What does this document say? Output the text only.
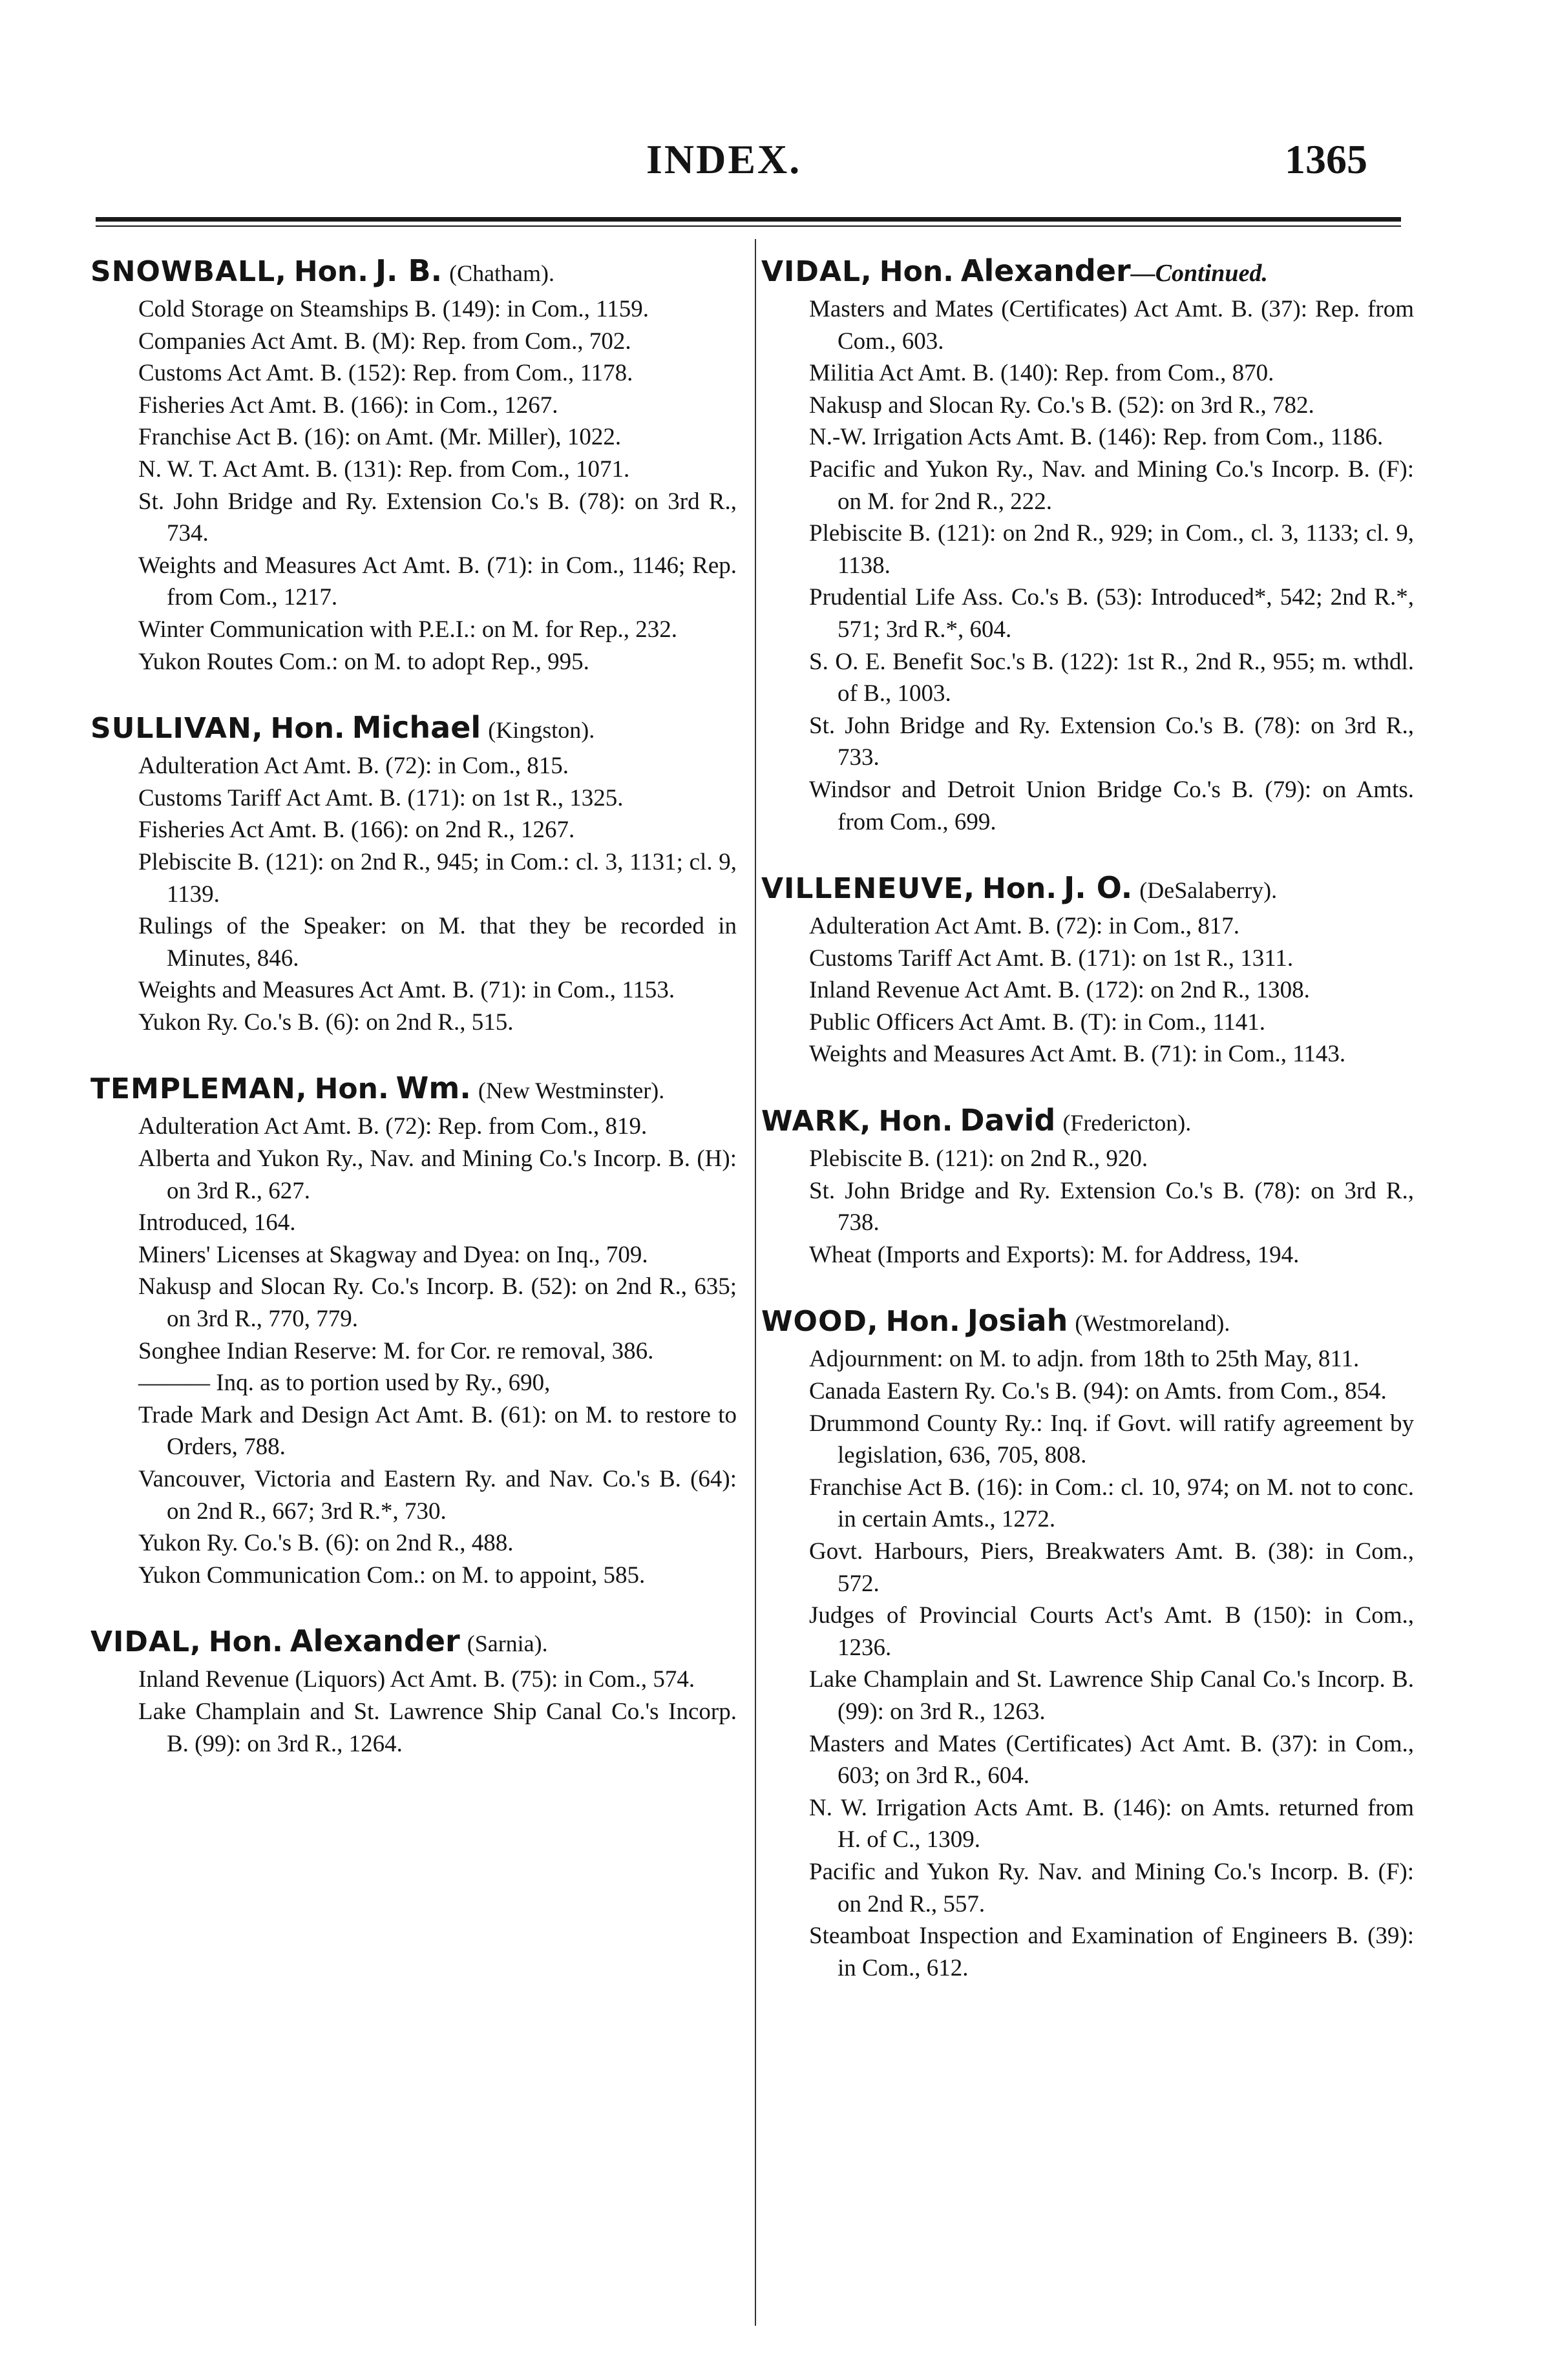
INDEX.	1365
SNOWBALL, Hon. J. B. (Chatham).
Cold Storage on Steamships B. (149): in Com., 1159.
Companies Act Amt. B. (M): Rep. from Com., 702.
Customs Act Amt. B. (152): Rep. from Com., 1178.
Fisheries Act Amt. B. (166): in Com., 1267.
Franchise Act B. (16): on Amt. (Mr. Miller), 1022.
N. W. T. Act Amt. B. (131): Rep. from Com., 1071.
St. John Bridge and Ry. Extension Co.'s B. (78): on 3rd R., 734.
Weights and Measures Act Amt. B. (71): in Com., 1146; Rep. from Com., 1217.
Winter Communication with P.E.I.: on M. for Rep., 232.
Yukon Routes Com.: on M. to adopt Rep., 995.
SULLIVAN, Hon. Michael (Kingston).
Adulteration Act Amt. B. (72): in Com., 815.
Customs Tariff Act Amt. B. (171): on 1st R., 1325.
Fisheries Act Amt. B. (166): on 2nd R., 1267.
Plebiscite B. (121): on 2nd R., 945; in Com.: cl. 3, 1131; cl. 9, 1139.
Rulings of the Speaker: on M. that they be recorded in Minutes, 846.
Weights and Measures Act Amt. B. (71): in Com., 1153.
Yukon Ry. Co.'s B. (6): on 2nd R., 515.
TEMPLEMAN, Hon. Wm. (New Westminster).
Adulteration Act Amt. B. (72): Rep. from Com., 819.
Alberta and Yukon Ry., Nav. and Mining Co.'s Incorp. B. (H): on 3rd R., 627.
Introduced, 164.
Miners' Licenses at Skagway and Dyea: on Inq., 709.
Nakusp and Slocan Ry. Co.'s Incorp. B. (52): on 2nd R., 635; on 3rd R., 770, 779.
Songhee Indian Reserve: M. for Cor. re removal, 386.
——— Inq. as to portion used by Ry., 690,
Trade Mark and Design Act Amt. B. (61): on M. to restore to Orders, 788.
Vancouver, Victoria and Eastern Ry. and Nav. Co.'s B. (64): on 2nd R., 667; 3rd R.*, 730.
Yukon Ry. Co.'s B. (6): on 2nd R., 488.
Yukon Communication Com.: on M. to appoint, 585.
VIDAL, Hon. Alexander (Sarnia).
Inland Revenue (Liquors) Act Amt. B. (75): in Com., 574.
Lake Champlain and St. Lawrence Ship Canal Co.'s Incorp. B. (99): on 3rd R., 1264.
VIDAL, Hon. Alexander—Continued.
Masters and Mates (Certificates) Act Amt. B. (37): Rep. from Com., 603.
Militia Act Amt. B. (140): Rep. from Com., 870.
Nakusp and Slocan Ry. Co.'s B. (52): on 3rd R., 782.
N.-W. Irrigation Acts Amt. B. (146): Rep. from Com., 1186.
Pacific and Yukon Ry., Nav. and Mining Co.'s Incorp. B. (F): on M. for 2nd R., 222.
Plebiscite B. (121): on 2nd R., 929; in Com., cl. 3, 1133; cl. 9, 1138.
Prudential Life Ass. Co.'s B. (53): Introduced*, 542; 2nd R.*, 571; 3rd R.*, 604.
S. O. E. Benefit Soc.'s B. (122): 1st R., 2nd R., 955; m. wthdl. of B., 1003.
St. John Bridge and Ry. Extension Co.'s B. (78): on 3rd R., 733.
Windsor and Detroit Union Bridge Co.'s B. (79): on Amts. from Com., 699.
VILLENEUVE, Hon. J. O. (DeSalaberry).
Adulteration Act Amt. B. (72): in Com., 817.
Customs Tariff Act Amt. B. (171): on 1st R., 1311.
Inland Revenue Act Amt. B. (172): on 2nd R., 1308.
Public Officers Act Amt. B. (T): in Com., 1141.
Weights and Measures Act Amt. B. (71): in Com., 1143.
WARK, Hon. David (Fredericton).
Plebiscite B. (121): on 2nd R., 920.
St. John Bridge and Ry. Extension Co.'s B. (78): on 3rd R., 738.
Wheat (Imports and Exports): M. for Address, 194.
WOOD, Hon. Josiah (Westmoreland).
Adjournment: on M. to adjn. from 18th to 25th May, 811.
Canada Eastern Ry. Co.'s B. (94): on Amts. from Com., 854.
Drummond County Ry.: Inq. if Govt. will ratify agreement by legislation, 636, 705, 808.
Franchise Act B. (16): in Com.: cl. 10, 974; on M. not to conc. in certain Amts., 1272.
Govt. Harbours, Piers, Breakwaters Amt. B. (38): in Com., 572.
Judges of Provincial Courts Act's Amt. B (150): in Com., 1236.
Lake Champlain and St. Lawrence Ship Canal Co.'s Incorp. B. (99): on 3rd R., 1263.
Masters and Mates (Certificates) Act Amt. B. (37): in Com., 603; on 3rd R., 604.
N. W. Irrigation Acts Amt. B. (146): on Amts. returned from H. of C., 1309.
Pacific and Yukon Ry. Nav. and Mining Co.'s Incorp. B. (F): on 2nd R., 557.
Steamboat Inspection and Examination of Engineers B. (39): in Com., 612.
